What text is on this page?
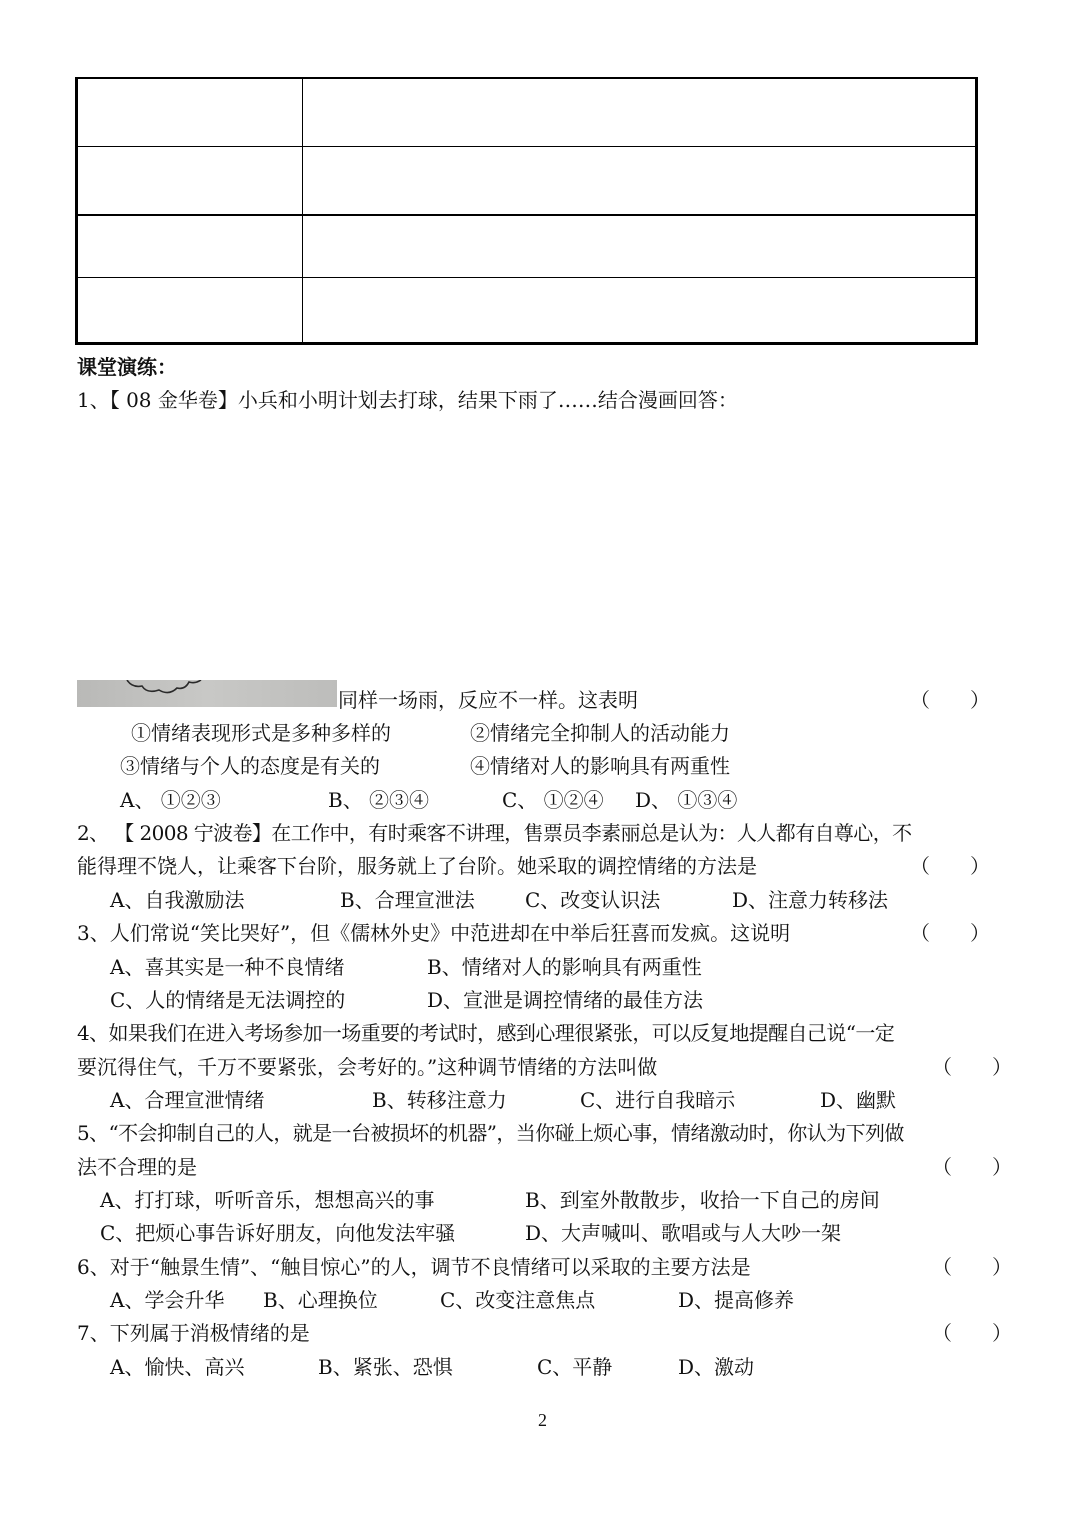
课堂演练：
1、【 08 金华卷】小兵和小明计划去打球，结果下雨了……结合漫画回答：
同样一场雨，反应不一样。这表明	（　　）
①情绪表现形式是多种多样的	②情绪完全抑制人的活动能力
③情绪与个人的态度是有关的	④情绪对人的影响具有两重性
A、 ①②③	B、 ②③④	C、 ①②④ D、 ①③④
2、 【 2008 宁波卷】在工作中，有时乘客不讲理，售票员李素丽总是认为：人人都有自尊心，不
能得理不饶人，让乘客下台阶，服务就上了台阶。她采取的调控情绪的方法是	（　　）
A、自我激励法	B、合理宣泄法	C、改变认识法	D、注意力转移法
3、人们常说“笑比哭好”，但《儒林外史》中范进却在中举后狂喜而发疯。这说明	（　　）
A、喜其实是一种不良情绪	B、情绪对人的影响具有两重性
C、人的情绪是无法调控的	D、宣泄是调控情绪的最佳方法
4、如果我们在进入考场参加一场重要的考试时，感到心理很紧张，可以反复地提醒自己说“一定
要沉得住气，千万不要紧张，会考好的。”这种调节情绪的方法叫做	（　　）
A、合理宣泄情绪	B、转移注意力	C、进行自我暗示	D、幽默
5、“不会抑制自己的人，就是一台被损坏的机器”，当你碰上烦心事，情绪激动时，你认为下列做
法不合理的是	（　　）
A、打打球，听听音乐，想想高兴的事	B、到室外散散步，收拾一下自己的房间
C、把烦心事告诉好朋友，向他发法牢骚	D、大声喊叫、歌唱或与人大吵一架
6、对于“触景生情”、“触目惊心”的人，调节不良情绪可以采取的主要方法是	（　　）
A、学会升华 B、心理换位	C、改变注意焦点	D、提高修养
7、下列属于消极情绪的是	（　　）
A、愉快、高兴	B、紧张、恐惧	C、平静	D、激动
2
